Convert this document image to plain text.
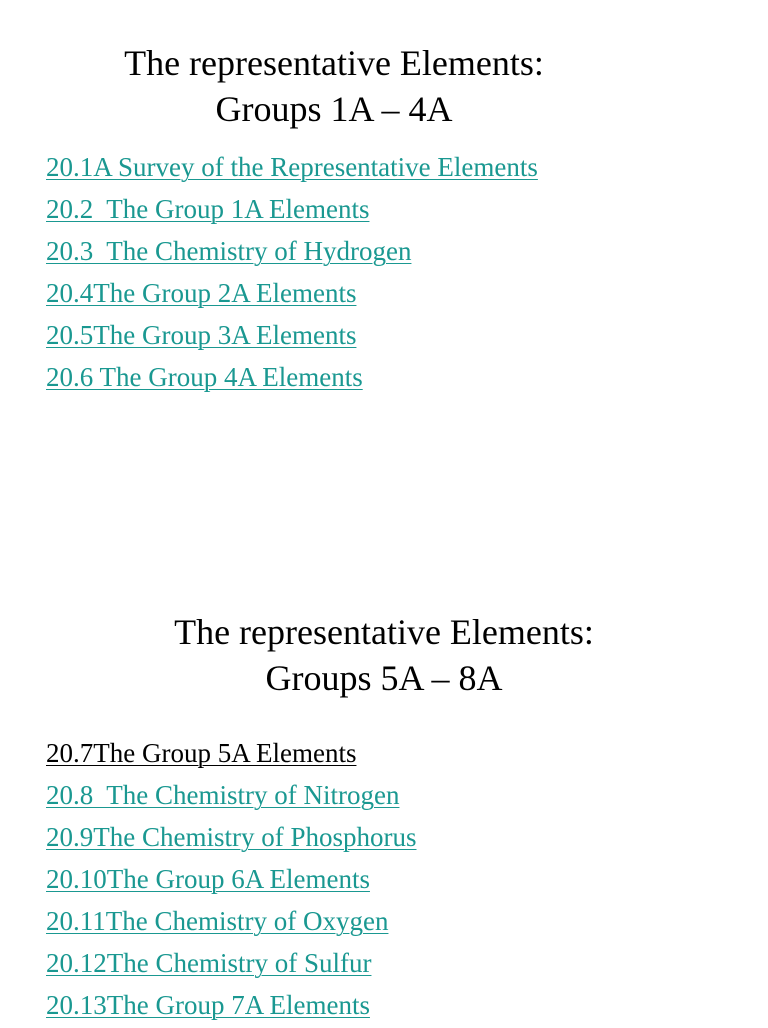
The representative Elements:
Groups 1A – 4A
20.1A Survey of the Representative Elements
20.2  The Group 1A Elements
20.3  The Chemistry of Hydrogen
20.4The Group 2A Elements
20.5The Group 3A Elements
20.6 The Group 4A Elements
The representative Elements:
Groups 5A – 8A
20.7The Group 5A Elements
20.8  The Chemistry of Nitrogen
20.9The Chemistry of Phosphorus
20.10The Group 6A Elements
20.11The Chemistry of Oxygen
20.12The Chemistry of Sulfur
20.13The Group 7A Elements
